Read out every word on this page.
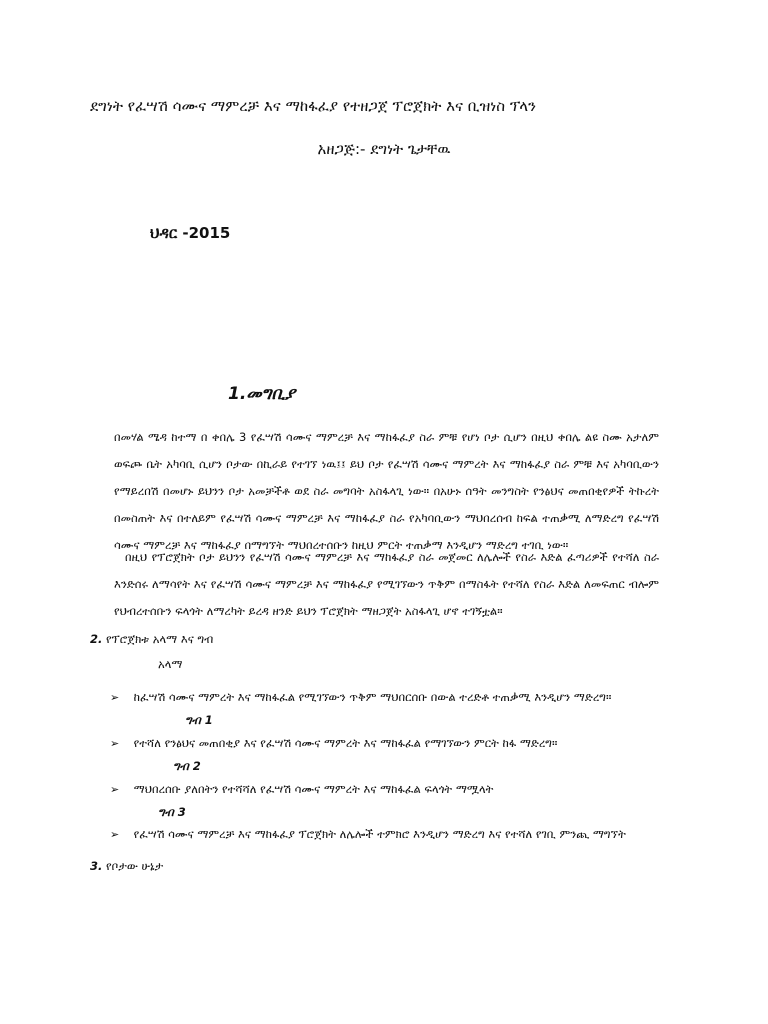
ደግነት የፈሣሽ ሳሙና ማምረቻ እና ማከፋፈያ የተዘጋጀ ፕሮጀክት እና ቢዝነስ ፕላን
አዘጋጅ:- ደግነት ጌታቸዉ
ህዳር -2015
1.መግቢያ
በመሃል ሜዳ ከተማ በ ቀበሌ 3 የፈሣሽ ሳሙና ማምረቻ እና ማከፋፈያ ስራ ምቹ የሆነ ቦታ ሲሆን በዚህ ቀበሌ ልዩ ስሙ አታለም ወፍጮ ቤት አካባቢ ሲሆን ቦታው በኪራይ የተገኘ ነዉ፤፤ ይህ ቦታ የፈሣሽ ሳሙና ማምረት እና ማከፋፈያ ስራ ምቹ እና አካባቢውን የማይረበሽ በመሆኑ ይህንን ቦታ አመቻችቶ ወደ ስራ መግባት አስፋላጊ ነው። በአሁኑ ሰዓት መንግስት የንፅህና መጠበቂየዎች ትኩረት በመስጠት እና በተለይም የፈሣሽ ሳሙና ማምረቻ እና ማከፋፈያ ስራ የአካባቢውን ማህበረሰብ ከፍል ተጠቃሚ ለማድረግ የፈሣሽ ሳሙና ማምረቻ እና ማከፋፈያ በማግኘት ማህበረተሰቡን ከዚህ ምርት ተጠቃማ እንዲሆን ማድረግ ተገቢ ነው።
በዚህ የፕሮጀክት ቦታ ይህንን የፈሣሽ ሳሙና ማምረቻ እና ማከፋፈያ ስራ መጀመር ለሌሎች የስራ እድል ፈጣሪዎች የተሻለ ስራ እንድሰሩ ለማሳየት እና የፈሣሽ ሳሙና ማምረቻ እና ማከፋፈያ የሚገኘውን ጥቅም በማስፋት የተሻለ የስራ እድል ለመፍጠር ብሎም የህብረተሰቡን ፍላጎት ለማረካት ይረዳ ዘንድ ይህን ፕሮጀክት ማዘጋጀት አስፋላጊ ሆኖ ተገኝቷል።
2. የፕሮጀክቱ አላማ እና ግብ
አላማ
➢ ከፈሣሽ ሳሙና ማምረት እና ማከፋፈል የሚገኘውን ጥቅም ማህበርሰቡ በውል ተረድቶ ተጠቃሚ እንዲሆን ማድረግ።
ግብ 1
➢ የተሻለ የንፅህና መጠበቂያ እና የፈሣሽ ሳሙና ማምረት እና ማከፋፈል የማገኘውን ምርት ከፋ ማድረግ።
ግብ 2
➢ ማህበረሰቡ ያለበትን የተሻሻለ የፈሣሽ ሳሙና ማምረት እና ማከፋፈል ፍላጎት ማሟላት
ግብ 3
➢ የፈሣሽ ሳሙና ማምረቻ እና ማከፋፈያ ፕሮጀክት ለሌሎች ተምክሮ እንዲሆን ማድረግ እና የተሻለ የገቢ ምንጪ ማግኘት
3. የቦታው ሁኔታ
